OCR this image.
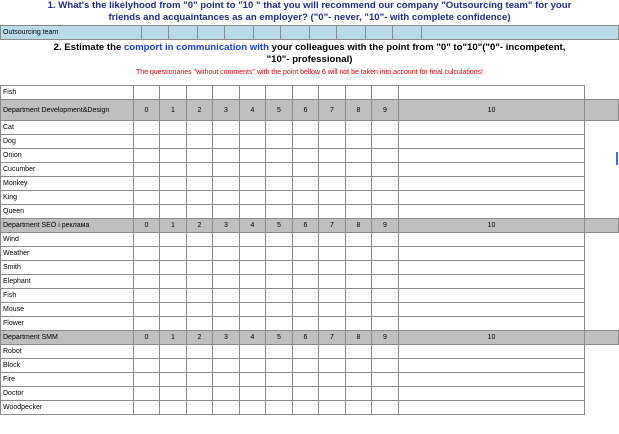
1. What's the likelyhood from "0" point to "10 " that you will recommend our company "Outsourcing team" for your
friends and acquaintances as an employer? ("0"- never, "10"- with complete confidence)
Outsourcing team											
2. Estimate the comport in communication with your colleagues with the point from "0" to"10"("0"- incompetent,
"10"- professional)
The questionaries "without comments" with the point bellow 6 will not be taken into account for final culculations!
Fish												
Department Development&Design	0	1	2	3	4	5	6	7	8	9	10	
Cat												
Dog												
Onion												
Cucumber												
Monkey												
King												
Queen												
Department SEO і реклама	0	1	2	3	4	5	6	7	8	9	10	
Wind												
Weather												
Smith												
Elephant												
Fish												
Mouse												
Flower												
Department SMM	0	1	2	3	4	5	6	7	8	9	10	
Robot												
Block												
Fire												
Doctor												
Woodpecker												
